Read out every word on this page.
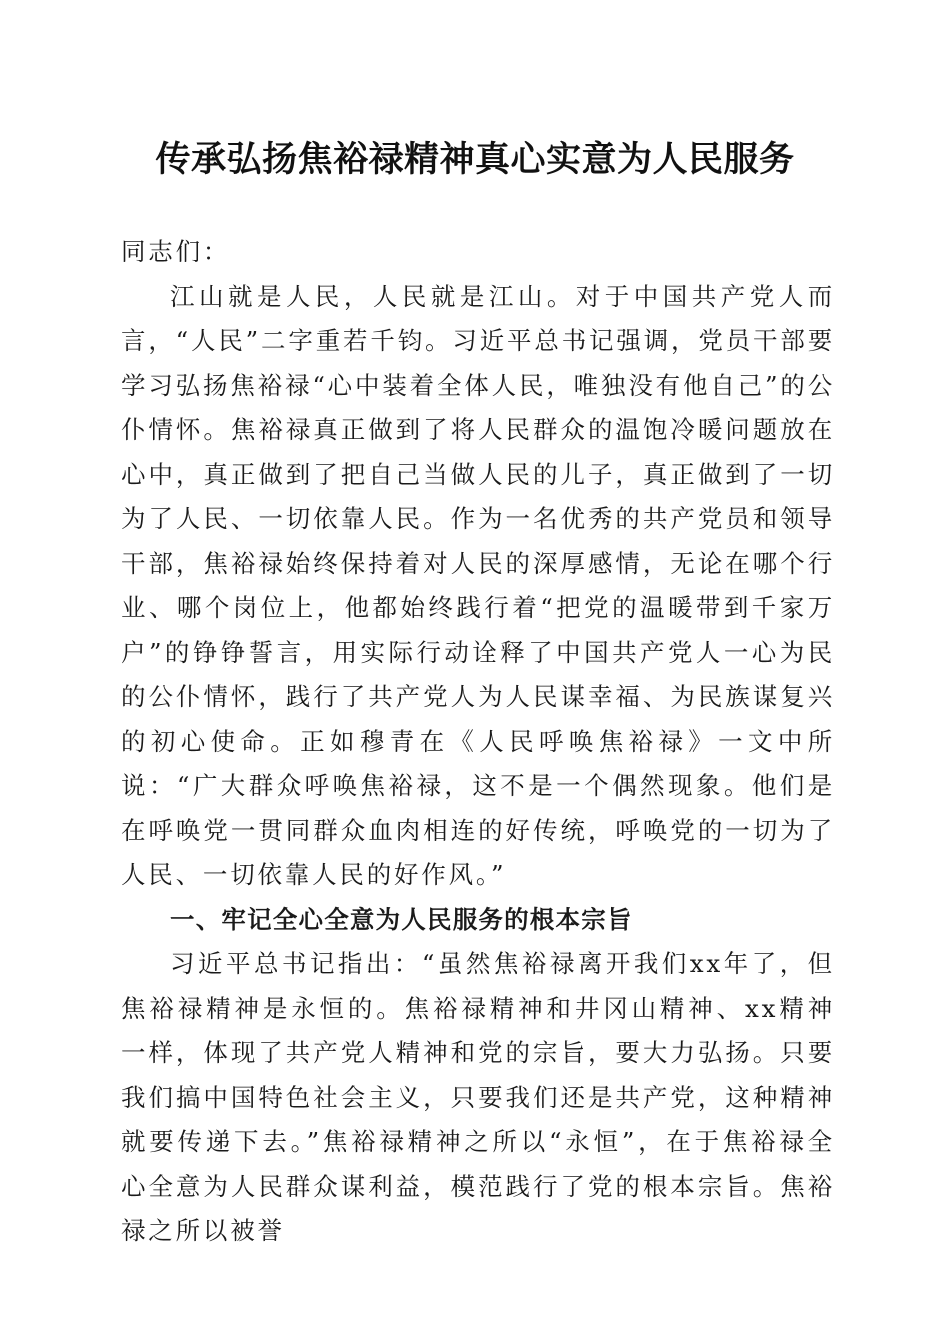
传承弘扬焦裕禄精神真心实意为人民服务

同志们：

江山就是人民，人民就是江山。对于中国共产党人而言，“人民”二字重若千钧。习近平总书记强调，党员干部要学习弘扬焦裕禄“心中装着全体人民，唯独没有他自己”的公仆情怀。焦裕禄真正做到了将人民群众的温饱冷暖问题放在心中，真正做到了把自己当做人民的儿子，真正做到了一切为了人民、一切依靠人民。作为一名优秀的共产党员和领导干部，焦裕禄始终保持着对人民的深厚感情，无论在哪个行业、哪个岗位上，他都始终践行着“把党的温暖带到千家万户”的铮铮誓言，用实际行动诠释了中国共产党人一心为民的公仆情怀，践行了共产党人为人民谋幸福、为民族谋复兴的初心使命。正如穆青在《人民呼唤焦裕禄》一文中所说：“广大群众呼唤焦裕禄，这不是一个偶然现象。他们是在呼唤党一贯同群众血肉相连的好传统，呼唤党的一切为了人民、一切依靠人民的好作风。”

一、牢记全心全意为人民服务的根本宗旨

习近平总书记指出：“虽然焦裕禄离开我们xx年了，但焦裕禄精神是永恒的。焦裕禄精神和井冈山精神、xx精神一样，体现了共产党人精神和党的宗旨，要大力弘扬。只要我们搞中国特色社会主义，只要我们还是共产党，这种精神就要传递下去。”焦裕禄精神之所以“永恒”，在于焦裕禄全心全意为人民群众谋利益，模范践行了党的根本宗旨。焦裕禄之所以被誉
